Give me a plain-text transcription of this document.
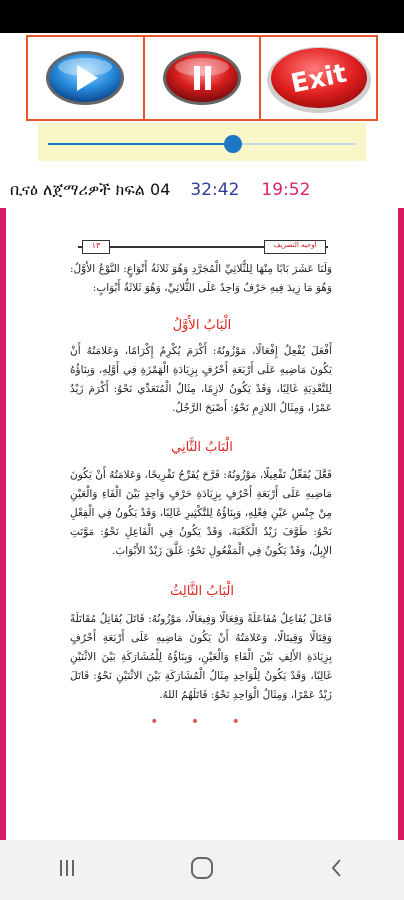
Exit
ቢናዕ ለጀማሪዎች ክፍል 04 32:42 19:52
١٣	أوجيه التصريف
وَلَنَا عَشَرَ بَابًا مِنْهَا لِلثُّلاثِيِّ الْمُجَرَّدِ وَهُوَ ثَلاثَةُ أَنْوَاعٍ: النَّوْعُ الأَوَّلُ: وَهُوَ مَا زِيدَ فِيهِ حَرْفٌ وَاحِدٌ عَلَى الثُّلاثِيِّ، وَهُوَ ثَلاثَةُ أَبْوَابٍ:
الْبَابُ الأَوَّلُ
أَفْعَلَ يُفْعِلُ إِفْعَالًا، مَوْزُونُهُ: أَكْرَمَ يُكْرِمُ إِكْرَامًا، وَعَلامَتُهُ أَنْ يَكُونَ مَاضِيهِ عَلَى أَرْبَعَةِ أَحْرُفٍ بِزِيَادَةِ الْهَمْزَةِ فِي أَوَّلِهِ، وَبِنَاؤُهُ لِلتَّعْدِيَةِ غَالِبًا، وَقَدْ يَكُونُ لازِمًا، مِثَالُ الْمُتَعَدِّي نَحْوُ: أَكْرَمَ زَيْدٌ عَمْرًا، وَمِثَالُ اللازِمِ نَحْوُ: أَصْبَحَ الرَّجُلُ.
الْبَابُ الثَّانِي
فَعَّلَ يُفَعِّلُ تَفْعِيلًا، مَوْزُونُهُ: فَرَّحَ يُفَرِّحُ تَفْرِيحًا، وَعَلامَتُهُ أَنْ يَكُونَ مَاضِيهِ عَلَى أَرْبَعَةِ أَحْرُفٍ بِزِيَادَةِ حَرْفٍ وَاحِدٍ بَيْنَ الْفَاءِ وَالْعَيْنِ مِنْ جِنْسِ عَيْنِ فِعْلِهِ، وَبِنَاؤُهُ لِلتَّكْثِيرِ غَالِبًا، وَقَدْ يَكُونُ فِي الْفِعْلِ نَحْوُ: طَوَّفَ زَيْدٌ الْكَعْبَةَ، وَقَدْ يَكُونُ فِي الْفَاعِلِ نَحْوُ: مَوَّتَتِ الإِبِلُ، وَقَدْ يَكُونُ فِي الْمَفْعُولِ نَحْوُ: غَلَّقَ زَيْدٌ الأَبْوَابَ.
الْبَابُ الثَّالِثُ
فَاعَلَ يُفَاعِلُ مُفَاعَلَةً وَفِعَالًا وَفِيعَالًا، مَوْزُونُهُ: قَاتَلَ يُقَاتِلُ مُقَاتَلَةً وَقِتَالًا وَقِيتَالًا، وَعَلامَتُهُ أَنْ يَكُونَ مَاضِيهِ عَلَى أَرْبَعَةِ أَحْرُفٍ بِزِيَادَةِ الأَلِفِ بَيْنَ الْفَاءِ وَالْعَيْنِ، وَبِنَاؤُهُ لِلْمُشَارَكَةِ بَيْنَ الاثْنَيْنِ غَالِبًا، وَقَدْ يَكُونُ لِلْوَاحِدِ مِثَالُ الْمُشَارَكَةِ بَيْنَ الاثْنَيْنِ نَحْوُ: قَاتَلَ زَيْدٌ عَمْرًا، وَمِثَالُ الْوَاحِدِ نَحْوُ: قَاتَلَهُمُ اللهُ.
• • •
